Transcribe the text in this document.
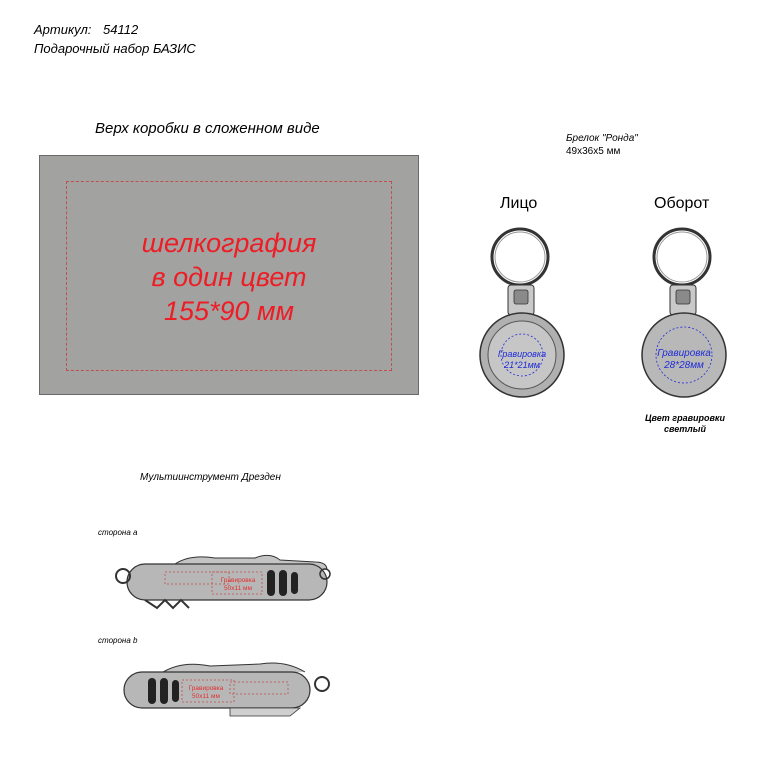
Артикул: 54112
Подарочный набор БАЗИС
Верх коробки в сложенном виде
шелкография
в один цвет
155*90 мм
Брелок "Ронда"
49х36х5 мм
Лицо	Оборот
Гравировка
21*21мм
Гравировка
28*28мм
Цвет гравировки
светлый
Мультиинструмент Дрезден
сторона а
сторона b
Гравировка
50х11 мм
Гравировка
50х11 мм
